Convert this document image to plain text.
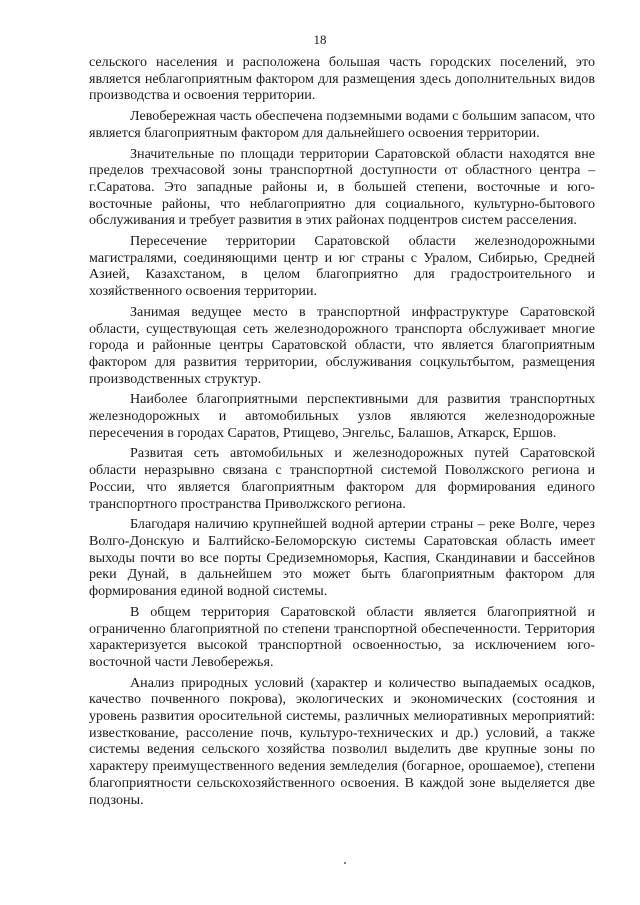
18

сельского населения и расположена большая часть городских поселений, это является неблагоприятным фактором для размещения здесь дополнительных видов производства и освоения территории.

Левобережная часть обеспечена подземными водами с большим запасом, что является благоприятным фактором для дальнейшего освоения территории.

Значительные по площади территории Саратовской области находятся вне пределов трехчасовой зоны транспортной доступности от областного центра – г.Саратова. Это западные районы и, в большей степени, восточные и юго-восточные районы, что неблагоприятно для социального, культурно-бытового обслуживания и требует развития в этих районах подцентров систем расселения.

Пересечение территории Саратовской области железнодорожными магистралями, соединяющими центр и юг страны с Уралом, Сибирью, Средней Азией, Казахстаном, в целом благоприятно для градостроительного и хозяйственного освоения территории.

Занимая ведущее место в транспортной инфраструктуре Саратовской области, существующая сеть железнодорожного транспорта обслуживает многие города и районные центры Саратовской области, что является благоприятным фактором для развития территории, обслуживания соцкультбытом, размещения производственных структур.

Наиболее благоприятными перспективными для развития транспортных железнодорожных и автомобильных узлов являются железнодорожные пересечения в городах Саратов, Ртищево, Энгельс, Балашов, Аткарск, Ершов.

Развитая сеть автомобильных и железнодорожных путей Саратовской области неразрывно связана с транспортной системой Поволжского региона и России, что является благоприятным фактором для формирования единого транспортного пространства Приволжского региона.

Благодаря наличию крупнейшей водной артерии страны – реке Волге, через Волго-Донскую и Балтийско-Беломорскую системы Саратовская область имеет выходы почти во все порты Средиземноморья, Каспия, Скандинавии и бассейнов реки Дунай, в дальнейшем это может быть благоприятным фактором для формирования единой водной системы.

В общем территория Саратовской области является благоприятной и ограниченно благоприятной по степени транспортной обеспеченности. Территория характеризуется высокой транспортной освоенностью, за исключением юго-восточной части Левобережья.

Анализ природных условий (характер и количество выпадаемых осадков, качество почвенного покрова), экологических и экономических (состояния и уровень развития оросительной системы, различных мелиоративных мероприятий: известкование, рассоление почв, культуро-технических и др.) условий, а также системы ведения сельского хозяйства позволил выделить две крупные зоны по характеру преимущественного ведения земледелия (богарное, орошаемое), степени благоприятности сельскохозяйственного освоения. В каждой зоне выделяется две подзоны.
